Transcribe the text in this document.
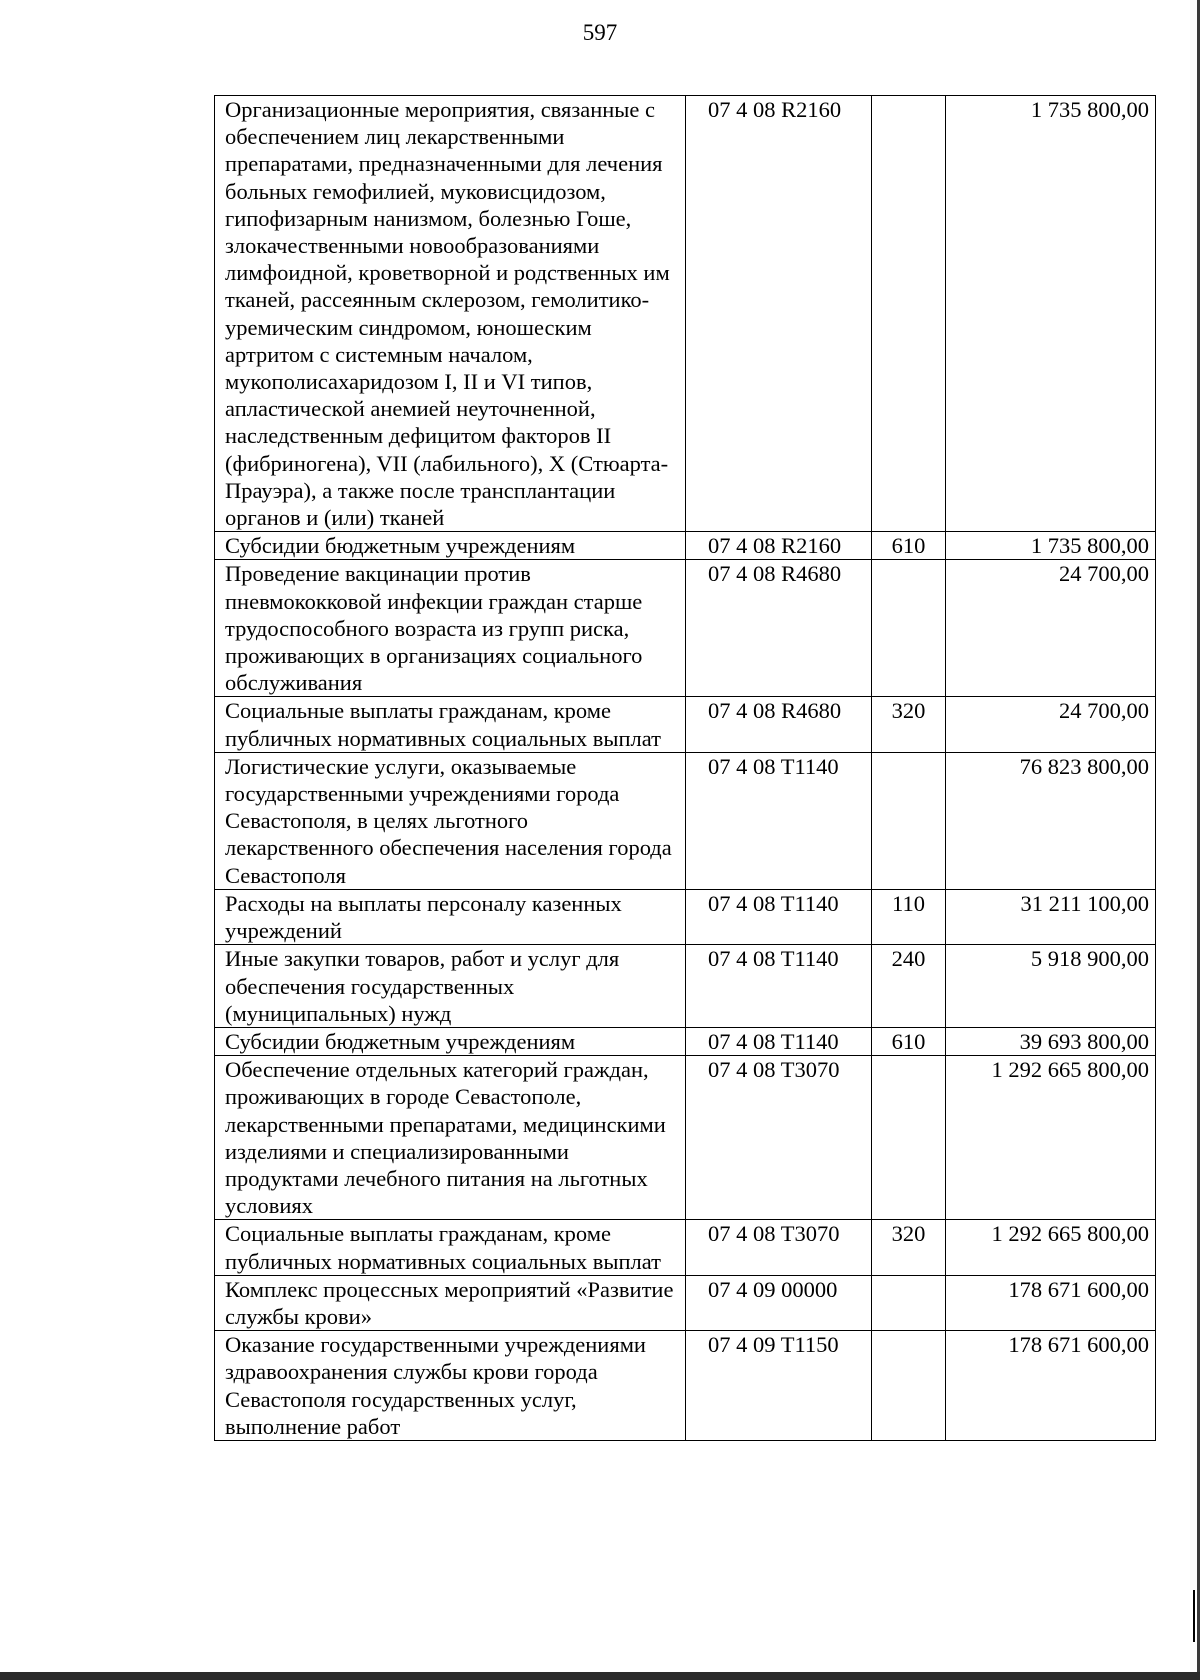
597
Организационные мероприятия, связанные с обеспечением лиц лекарственными препаратами, предназначенными для лечения больных гемофилией, муковисцидозом, гипофизарным нанизмом, болезнью Гоше, злокачественными новообразованиями лимфоидной, кроветворной и родственных им тканей, рассеянным склерозом, гемолитико-уремическим синдромом, юношеским артритом с системным началом, мукополисахаридозом I, II и VI типов, апластической анемией неуточненной, наследственным дефицитом факторов II (фибриногена), VII (лабильного), X (Стюарта-Прауэра), а также после трансплантации органов и (или) тканей	07 4 08 R2160		1 735 800,00
Субсидии бюджетным учреждениям	07 4 08 R2160	610	1 735 800,00
Проведение вакцинации против пневмококковой инфекции граждан старше трудоспособного возраста из групп риска, проживающих в организациях социального обслуживания	07 4 08 R4680		24 700,00
Социальные выплаты гражданам, кроме публичных нормативных социальных выплат	07 4 08 R4680	320	24 700,00
Логистические услуги, оказываемые государственными учреждениями города Севастополя, в целях льготного лекарственного обеспечения населения города Севастополя	07 4 08 T1140		76 823 800,00
Расходы на выплаты персоналу казенных учреждений	07 4 08 T1140	110	31 211 100,00
Иные закупки товаров, работ и услуг для обеспечения государственных (муниципальных) нужд	07 4 08 T1140	240	5 918 900,00
Субсидии бюджетным учреждениям	07 4 08 T1140	610	39 693 800,00
Обеспечение отдельных категорий граждан, проживающих в городе Севастополе, лекарственными препаратами, медицинскими изделиями и специализированными продуктами лечебного питания на льготных условиях	07 4 08 T3070		1 292 665 800,00
Социальные выплаты гражданам, кроме публичных нормативных социальных выплат	07 4 08 T3070	320	1 292 665 800,00
Комплекс процессных мероприятий «Развитие службы крови»	07 4 09 00000		178 671 600,00
Оказание государственными учреждениями здравоохранения службы крови города Севастополя государственных услуг, выполнение работ	07 4 09 T1150		178 671 600,00
